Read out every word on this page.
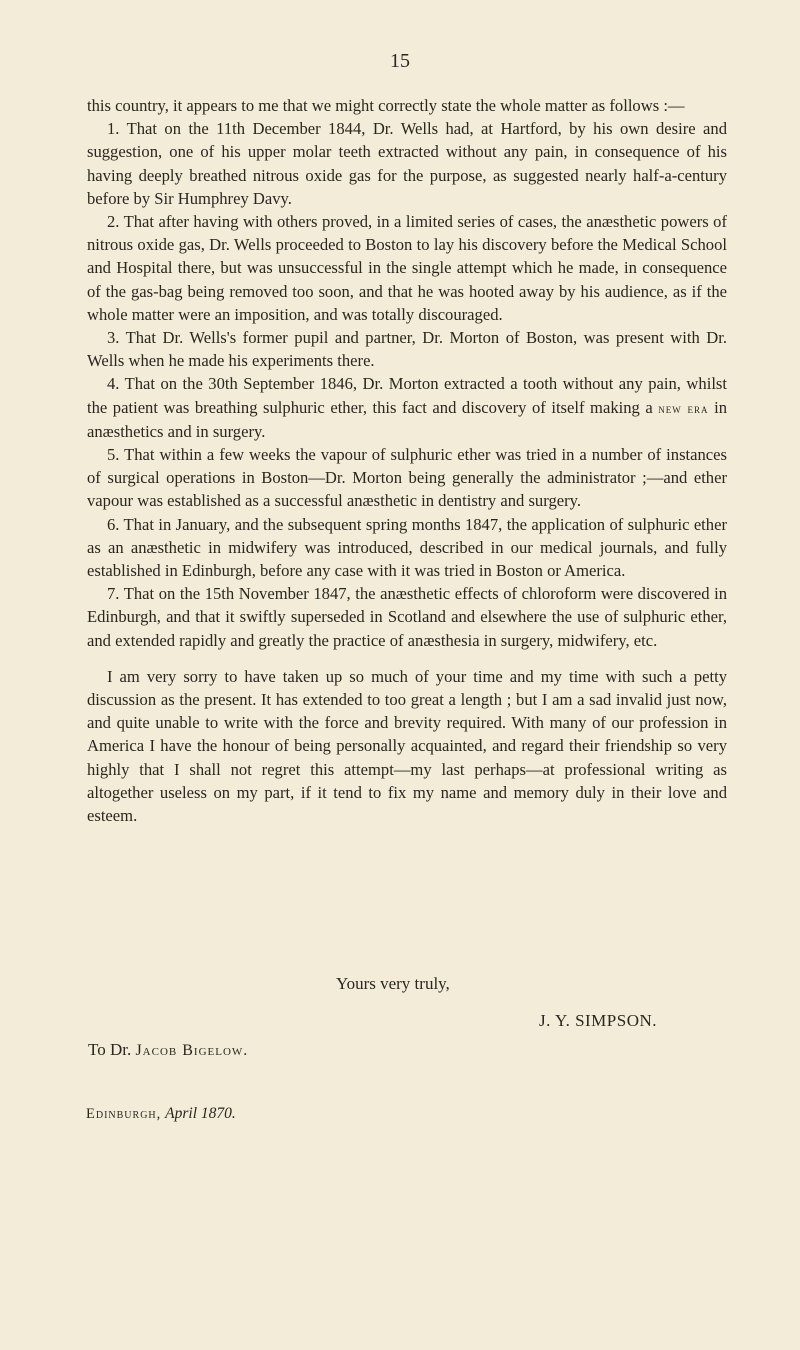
15

this country, it appears to me that we might correctly state the whole matter as follows :—

1. That on the 11th December 1844, Dr. Wells had, at Hartford, by his own desire and suggestion, one of his upper molar teeth extracted without any pain, in consequence of his having deeply breathed nitrous oxide gas for the purpose, as suggested nearly half-a-century before by Sir Humphrey Davy.

2. That after having with others proved, in a limited series of cases, the anæsthetic powers of nitrous oxide gas, Dr. Wells proceeded to Boston to lay his discovery before the Medical School and Hospital there, but was unsuccessful in the single attempt which he made, in consequence of the gas-bag being removed too soon, and that he was hooted away by his audience, as if the whole matter were an imposition, and was totally discouraged.

3. That Dr. Wells's former pupil and partner, Dr. Morton of Boston, was present with Dr. Wells when he made his experiments there.

4. That on the 30th September 1846, Dr. Morton extracted a tooth without any pain, whilst the patient was breathing sulphuric ether, this fact and discovery of itself making a new era in anæsthetics and in surgery.

5. That within a few weeks the vapour of sulphuric ether was tried in a number of instances of surgical operations in Boston—Dr. Morton being generally the administrator ;—and ether vapour was established as a successful anæsthetic in dentistry and surgery.

6. That in January, and the subsequent spring months 1847, the application of sulphuric ether as an anæsthetic in midwifery was introduced, described in our medical journals, and fully established in Edinburgh, before any case with it was tried in Boston or America.

7. That on the 15th November 1847, the anæsthetic effects of chloroform were discovered in Edinburgh, and that it swiftly superseded in Scotland and elsewhere the use of sulphuric ether, and extended rapidly and greatly the practice of anæsthesia in surgery, midwifery, etc.

I am very sorry to have taken up so much of your time and my time with such a petty discussion as the present. It has extended to too great a length ; but I am a sad invalid just now, and quite unable to write with the force and brevity required. With many of our profession in America I have the honour of being personally acquainted, and regard their friendship so very highly that I shall not regret this attempt—my last perhaps—at professional writing as altogether useless on my part, if it tend to fix my name and memory duly in their love and esteem.

Yours very truly,
J. Y. SIMPSON.
To Dr. Jacob Bigelow.
Edinburgh, April 1870.
